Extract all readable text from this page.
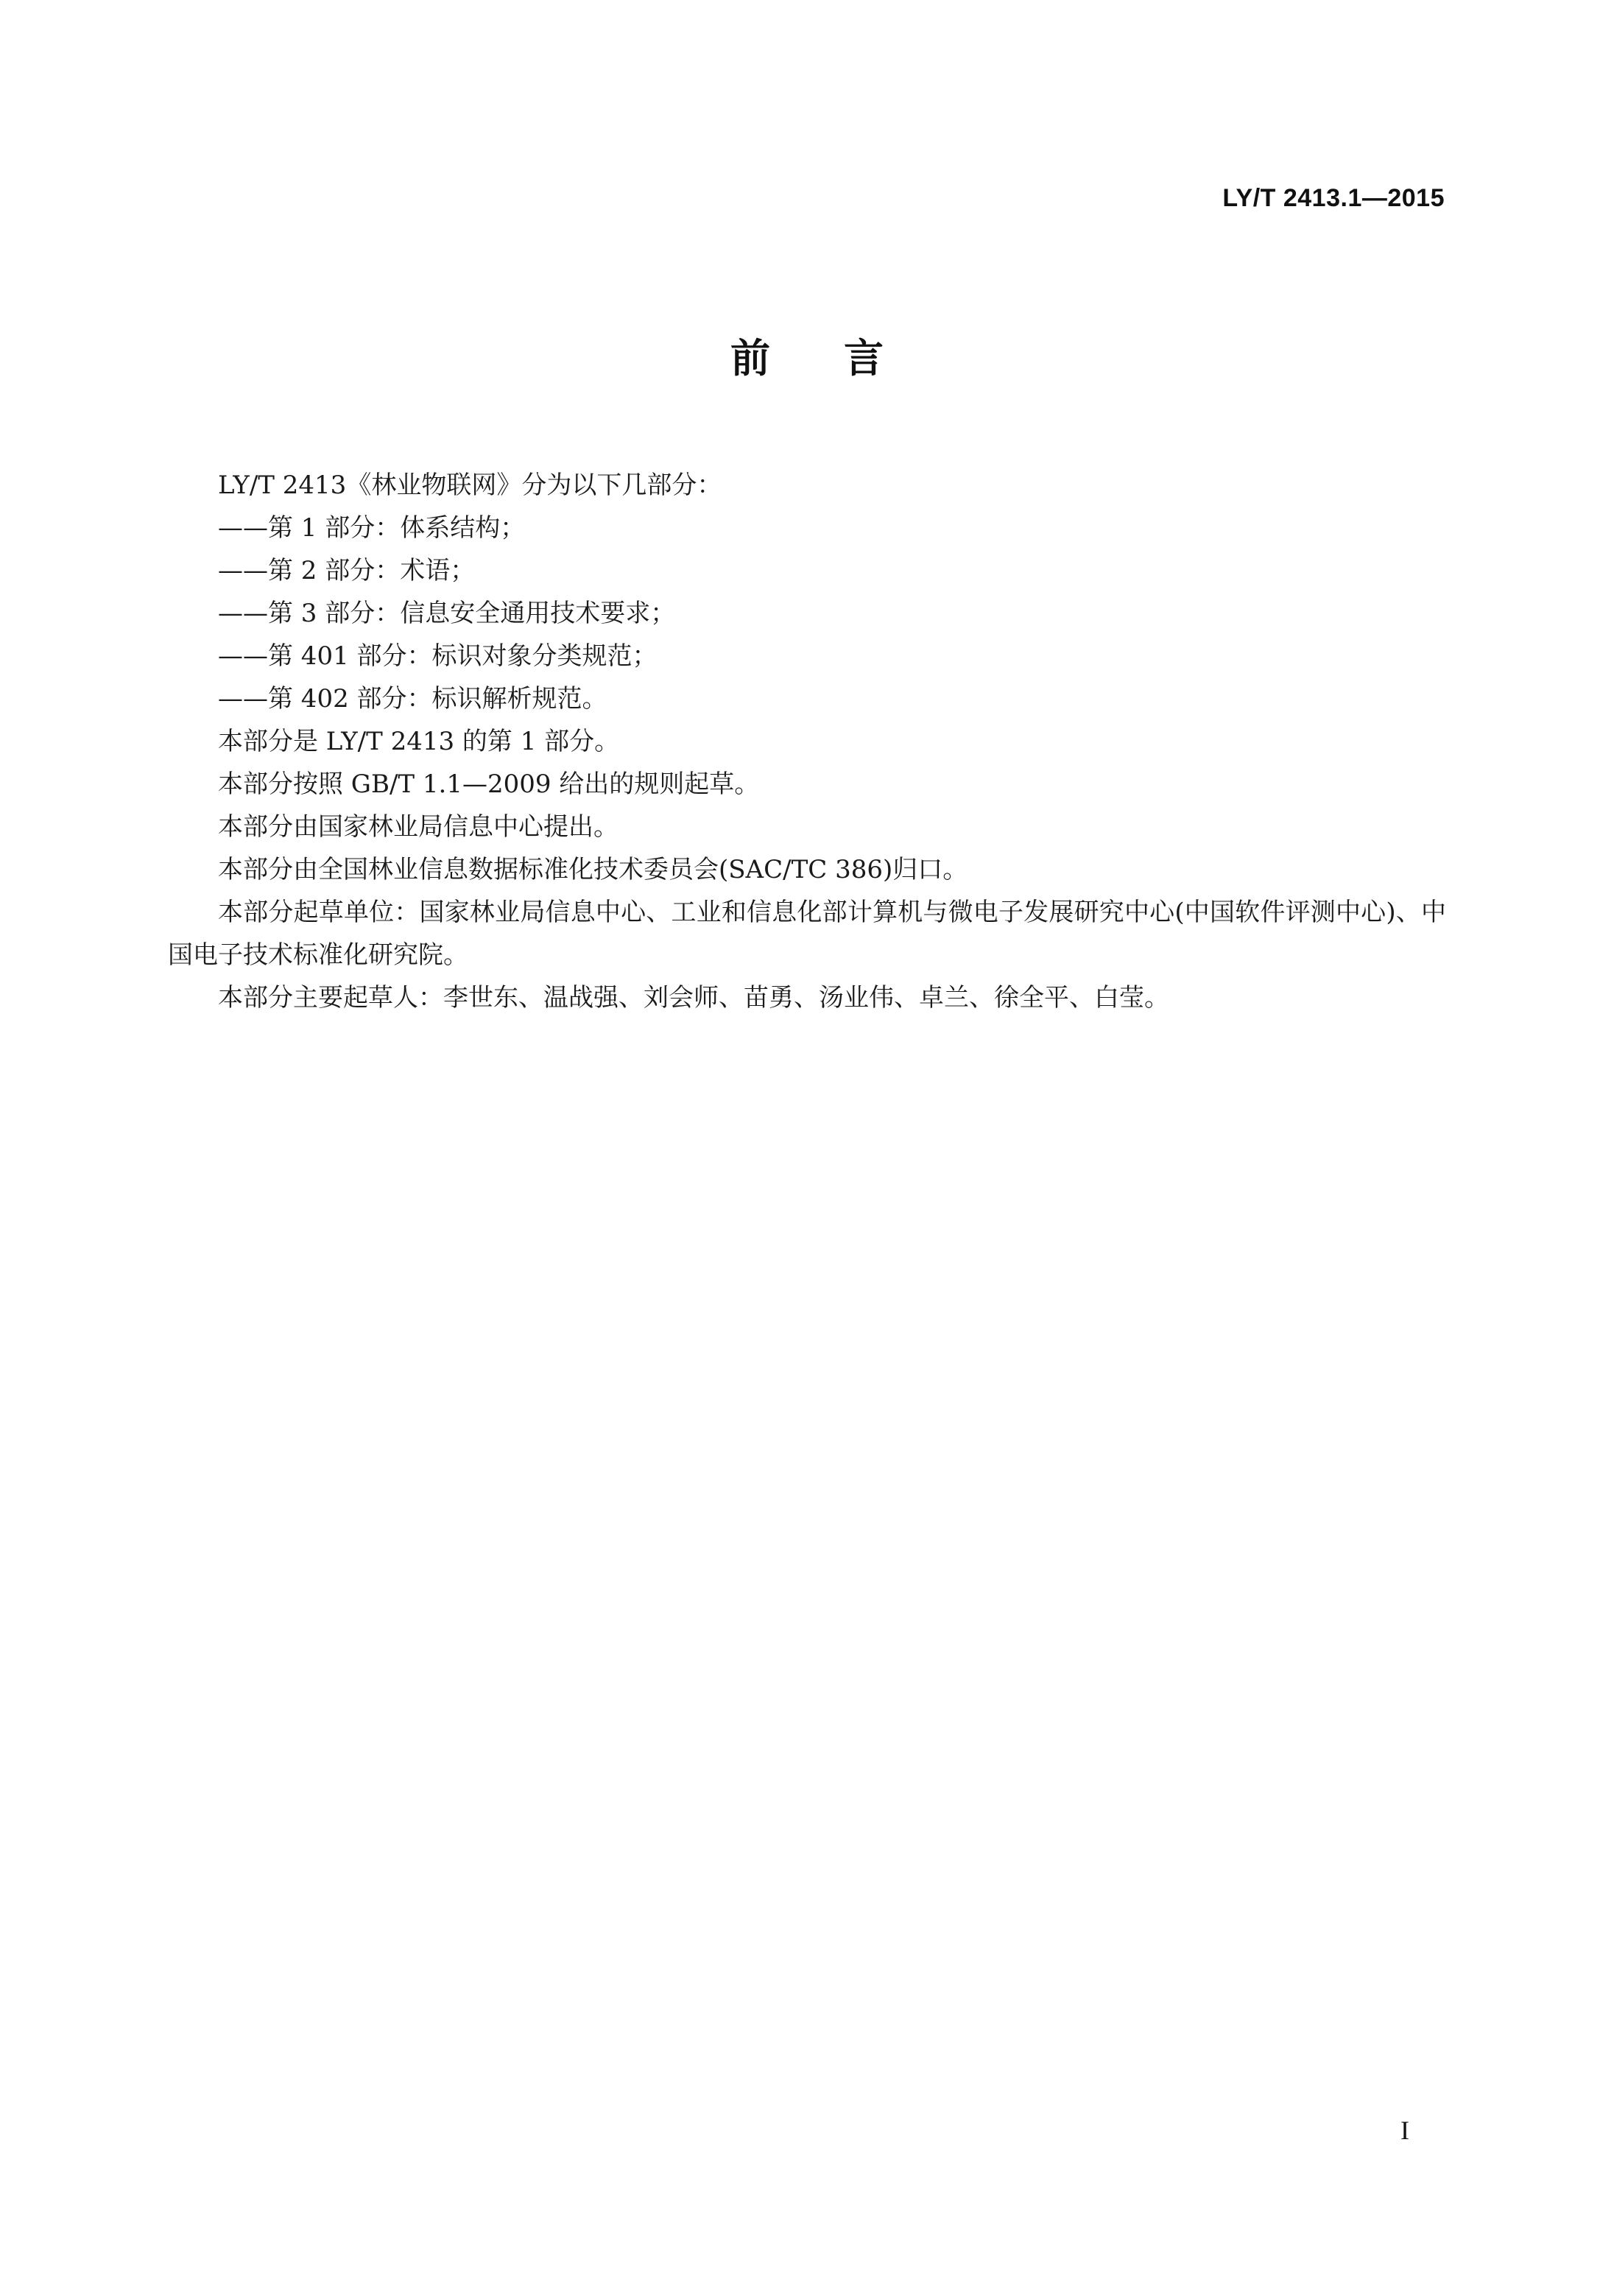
LY/T 2413.1—2015
前 言

LY/T 2413《林业物联网》分为以下几部分：

——第 1 部分：体系结构；

——第 2 部分：术语；

——第 3 部分：信息安全通用技术要求；

——第 401 部分：标识对象分类规范；

——第 402 部分：标识解析规范。

本部分是 LY/T 2413 的第 1 部分。

本部分按照 GB/T 1.1—2009 给出的规则起草。

本部分由国家林业局信息中心提出。

本部分由全国林业信息数据标准化技术委员会(SAC/TC 386)归口。

本部分起草单位：国家林业局信息中心、工业和信息化部计算机与微电子发展研究中心(中国软件评测中心)、中国电子技术标准化研究院。

本部分主要起草人：李世东、温战强、刘会师、苗勇、汤业伟、卓兰、徐全平、白莹。

I
